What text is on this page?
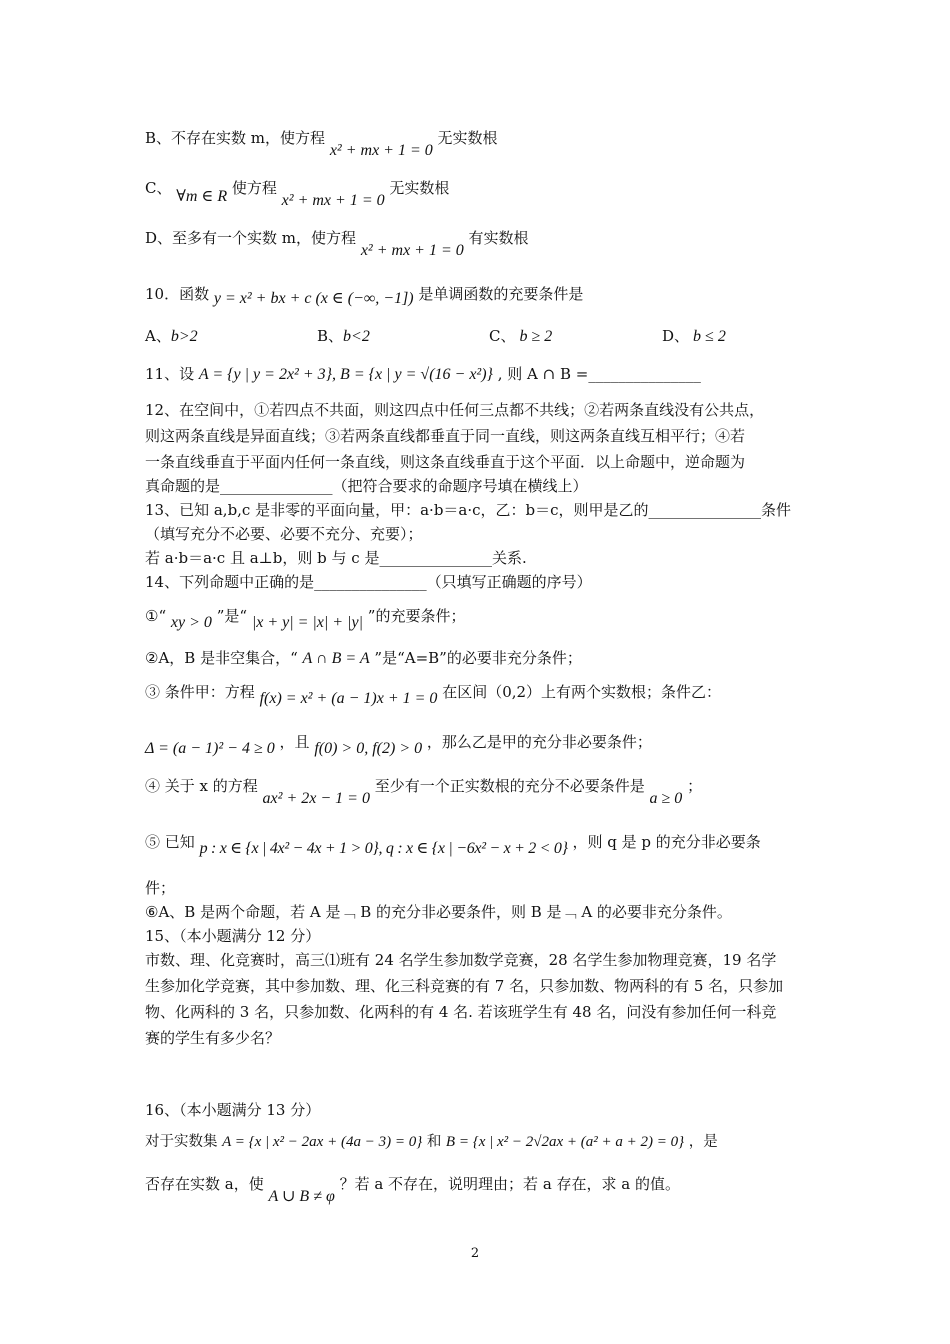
B、不存在实数 m，使方程 x² + mx + 1 = 0 无实数根
C、 ∀m ∈ R 使方程 x² + mx + 1 = 0 无实数根
D、至多有一个实数 m，使方程 x² + mx + 1 = 0 有实数根
10．函数 y = x² + bx + c (x ∈ (−∞, −1]) 是单调函数的充要条件是
A、b>2	B、b<2	C、 b ≥ 2	D、 b ≤ 2
11、设 A = {y | y = 2x² + 3}, B = {x | y = √(16 − x²)} , 则 A ∩ B =_______________
12、在空间中，①若四点不共面，则这四点中任何三点都不共线；②若两条直线没有公共点，
则这两条直线是异面直线；③若两条直线都垂直于同一直线，则这两条直线互相平行；④若
一条直线垂直于平面内任何一条直线，则这条直线垂直于这个平面．以上命题中，逆命题为
真命题的是_______________（把符合要求的命题序号填在横线上）
13、已知 a,b,c 是非零的平面向量，甲：a·b＝a·c，乙：b＝c，则甲是乙的_______________条件
（填写充分不必要、必要不充分、充要）；
若 a·b＝a·c 且 a⊥b，则 b 与 c 是_______________关系.
14、下列命题中正确的是_______________（只填写正确题的序号）
①“ xy > 0 ”是“ |x + y| = |x| + |y| ”的充要条件；
②A，B 是非空集合，“ A ∩ B = A ”是“A=B”的必要非充分条件；
③ 条件甲：方程 f(x) = x² + (a − 1)x + 1 = 0 在区间（0,2）上有两个实数根；条件乙：
Δ = (a − 1)² − 4 ≥ 0 ，且 f(0) > 0, f(2) > 0 ，那么乙是甲的充分非必要条件；
④ 关于 x 的方程 ax² + 2x − 1 = 0 至少有一个正实数根的充分不必要条件是 a ≥ 0 ；
⑤ 已知 p : x ∈ {x | 4x² − 4x + 1 > 0}, q : x ∈ {x | −6x² − x + 2 < 0} ，则 q 是 p 的充分非必要条
件；
⑥A、B 是两个命题，若 A 是﹁ B 的充分非必要条件，则 B 是﹁ A 的必要非充分条件。
15、（本小题满分 12 分）
市数、理、化竞赛时，高三⑴班有 24 名学生参加数学竞赛，28 名学生参加物理竞赛，19 名学
生参加化学竞赛，其中参加数、理、化三科竞赛的有 7 名，只参加数、物两科的有 5 名，只参加
物、化两科的 3 名，只参加数、化两科的有 4 名. 若该班学生有 48 名，问没有参加任何一科竞
赛的学生有多少名？
16、（本小题满分 13 分）
对于实数集 A = {x | x² − 2ax + (4a − 3) = 0} 和 B = {x | x² − 2√2ax + (a² + a + 2) = 0} ，是
否存在实数 a，使 A ∪ B ≠ φ ？若 a 不存在，说明理由；若 a 存在，求 a 的值。
2
